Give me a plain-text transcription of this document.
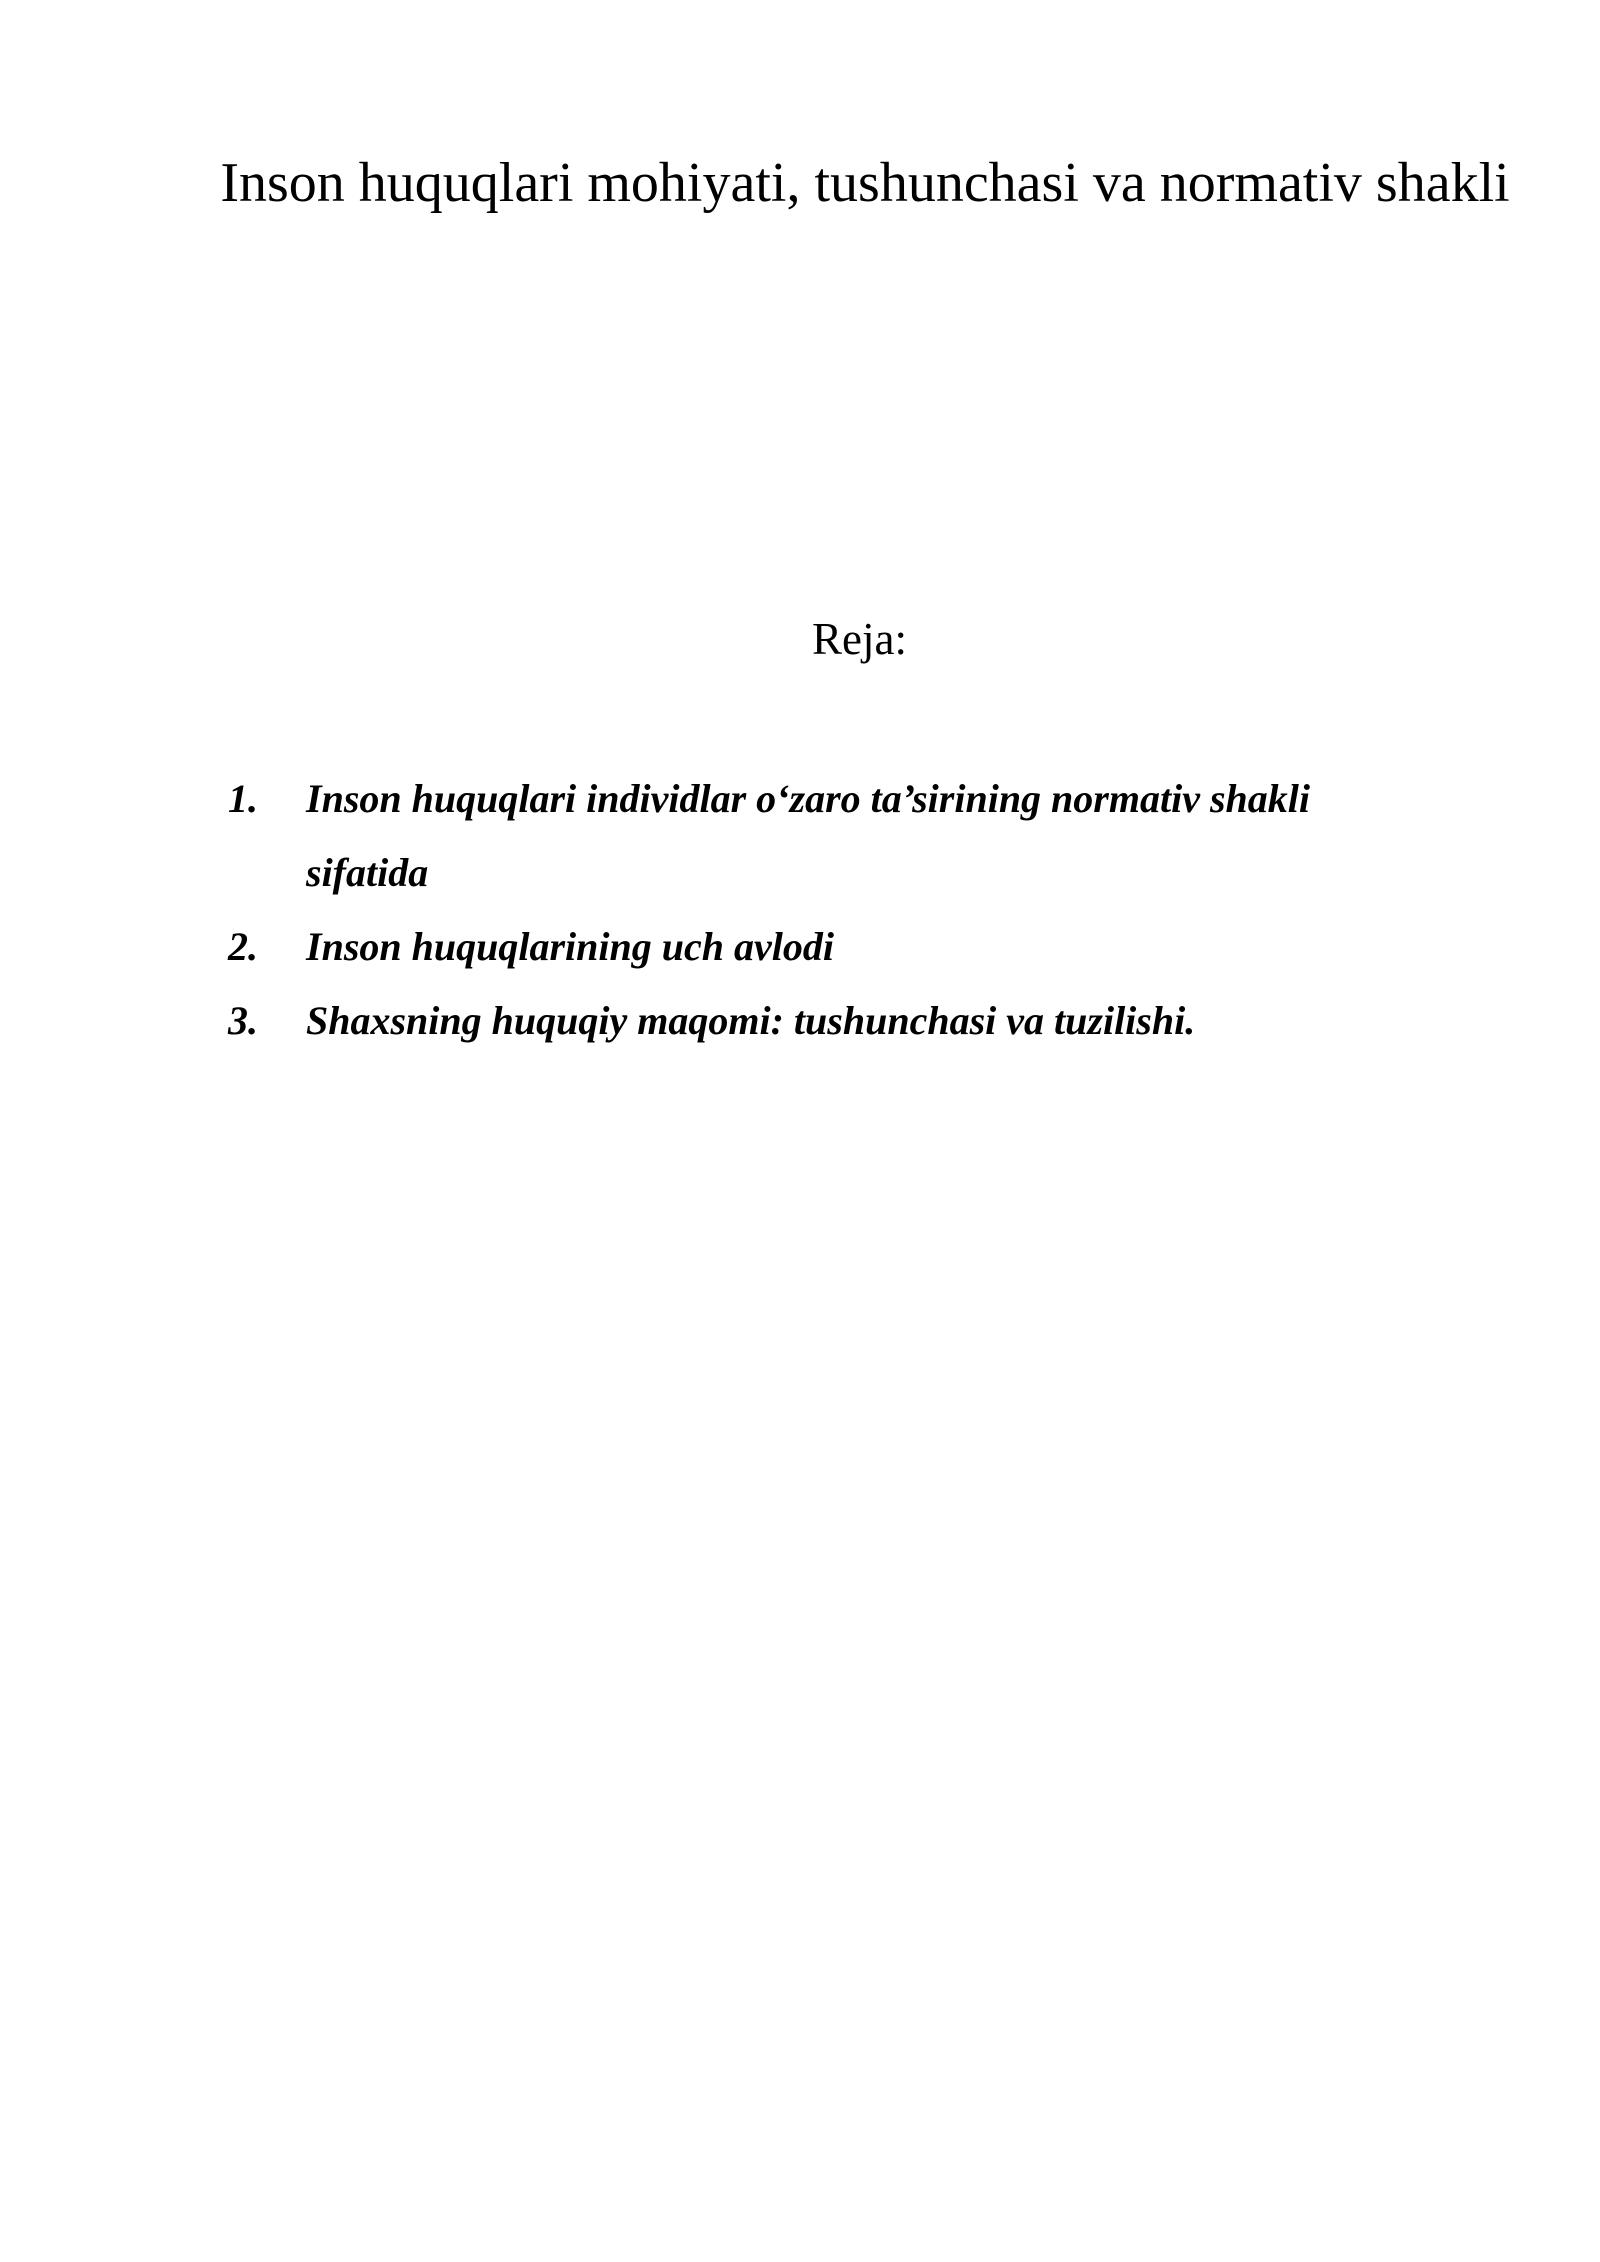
Inson huquqlari mohiyati, tushunchasi va normativ shakli

Reja:

1. Inson huquqlari individlar o‘zaro ta’sirining normativ shakli sifatida
2. Inson huquqlarining uch avlodi
3. Shaxsning huquqiy maqomi: tushunchasi va tuzilishi.
